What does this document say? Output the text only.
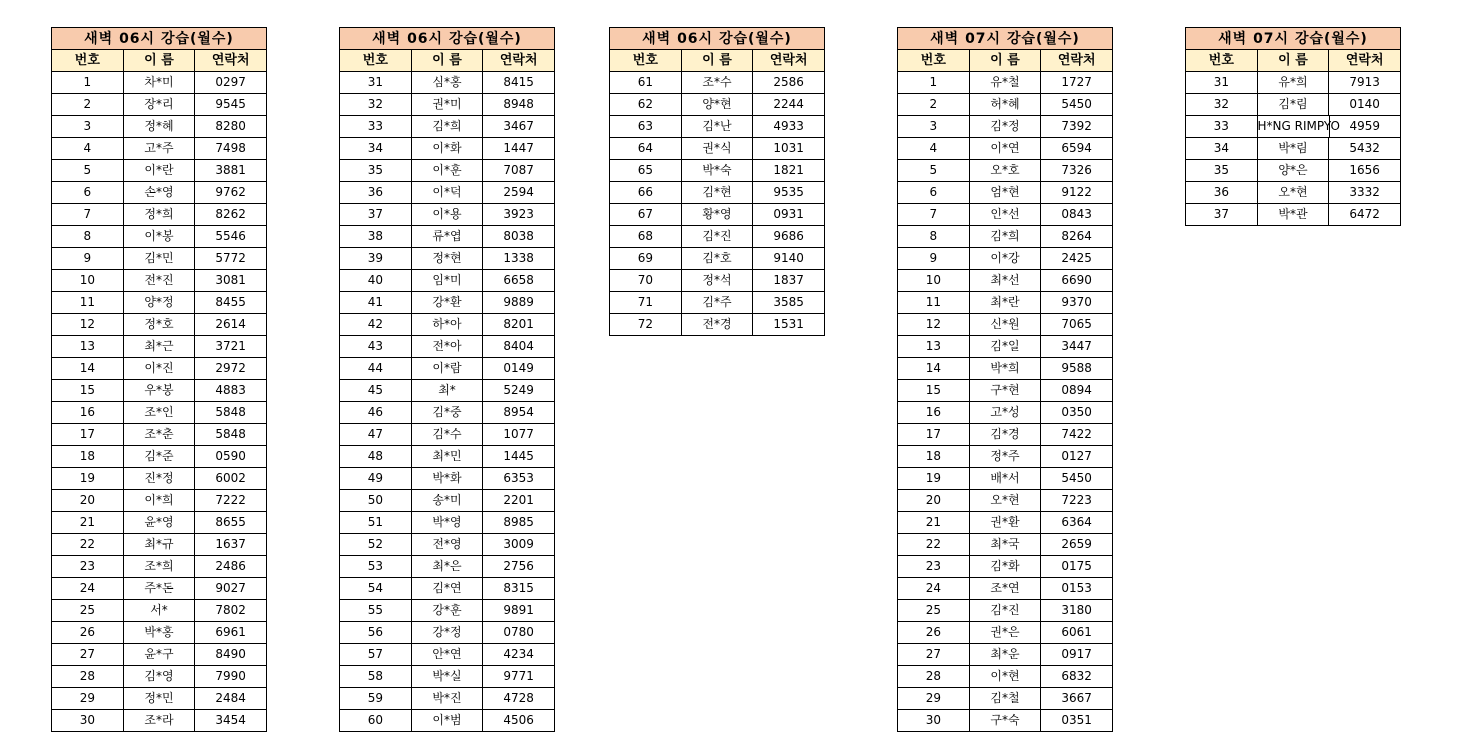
새벽 06시 강습(월수)
번호	이 름	연락처
1	차*미	0297
2	장*리	9545
3	정*혜	8280
4	고*주	7498
5	이*란	3881
6	손*영	9762
7	정*희	8262
8	이*봉	5546
9	김*민	5772
10	전*진	3081
11	양*정	8455
12	정*호	2614
13	최*근	3721
14	이*진	2972
15	우*봉	4883
16	조*인	5848
17	조*춘	5848
18	김*준	0590
19	진*정	6002
20	이*희	7222
21	윤*영	8655
22	최*규	1637
23	조*희	2486
24	주*돈	9027
25	서*	7802
26	박*홍	6961
27	윤*구	8490
28	김*영	7990
29	정*민	2484
30	조*라	3454
새벽 06시 강습(월수)
번호	이 름	연락처
31	심*홍	8415
32	권*미	8948
33	김*희	3467
34	이*화	1447
35	이*훈	7087
36	이*덕	2594
37	이*용	3923
38	류*엽	8038
39	정*현	1338
40	임*미	6658
41	강*환	9889
42	하*아	8201
43	전*아	8404
44	이*람	0149
45	최*	5249
46	김*중	8954
47	김*수	1077
48	최*민	1445
49	박*화	6353
50	송*미	2201
51	박*영	8985
52	전*영	3009
53	최*은	2756
54	김*연	8315
55	강*훈	9891
56	강*정	0780
57	안*연	4234
58	박*실	9771
59	박*진	4728
60	이*범	4506
새벽 06시 강습(월수)
번호	이 름	연락처
61	조*수	2586
62	양*현	2244
63	김*난	4933
64	권*식	1031
65	박*숙	1821
66	김*현	9535
67	황*영	0931
68	김*진	9686
69	김*호	9140
70	정*석	1837
71	김*주	3585
72	전*경	1531
새벽 07시 강습(월수)
번호	이 름	연락처
1	유*철	1727
2	허*혜	5450
3	김*정	7392
4	이*연	6594
5	오*호	7326
6	엄*현	9122
7	인*선	0843
8	김*희	8264
9	이*강	2425
10	최*선	6690
11	최*란	9370
12	신*원	7065
13	김*일	3447
14	박*희	9588
15	구*현	0894
16	고*성	0350
17	김*경	7422
18	정*주	0127
19	배*서	5450
20	오*현	7223
21	권*환	6364
22	최*국	2659
23	김*화	0175
24	조*연	0153
25	김*진	3180
26	권*은	6061
27	최*운	0917
28	이*현	6832
29	김*철	3667
30	구*숙	0351
새벽 07시 강습(월수)
번호	이 름	연락처
31	유*희	7913
32	김*림	0140
33	H*NG RIMPYO 4959
34	박*림	5432
35	양*은	1656
36	오*현	3332
37	박*관	6472
